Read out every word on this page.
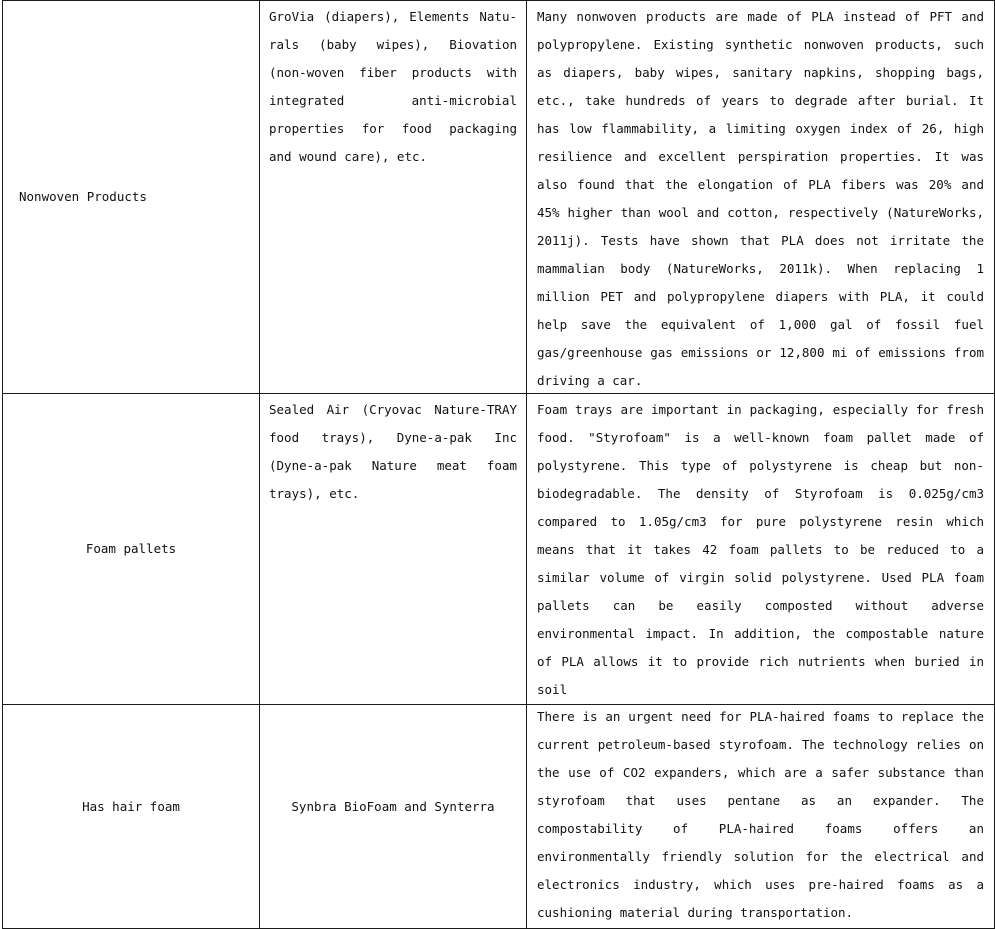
Nonwoven Products
GroVia (diapers), Elements Natu-rals (baby wipes), Biovation (non-woven fiber products with integrated anti-microbial properties for food packaging and wound care), etc.
Many nonwoven products are made of PLA instead of PFT and polypropylene. Existing synthetic nonwoven products, such as diapers, baby wipes, sanitary napkins, shopping bags, etc., take hundreds of years to degrade after burial. It has low flammability, a limiting oxygen index of 26, high resilience and excellent perspiration properties. It was also found that the elongation of PLA fibers was 20% and 45% higher than wool and cotton, respectively (NatureWorks, 2011j). Tests have shown that PLA does not irritate the mammalian body (NatureWorks, 2011k). When replacing 1 million PET and polypropylene diapers with PLA, it could help save the equivalent of 1,000 gal of fossil fuel gas/greenhouse gas emissions or 12,800 mi of emissions from driving a car.
Foam pallets
Sealed Air (Cryovac Nature-TRAY food trays), Dyne-a-pak Inc (Dyne-a-pak Nature meat foam trays), etc.
Foam trays are important in packaging, especially for fresh food. "Styrofoam" is a well-known foam pallet made of polystyrene. This type of polystyrene is cheap but non-biodegradable. The density of Styrofoam is 0.025g/cm3 compared to 1.05g/cm3 for pure polystyrene resin which means that it takes 42 foam pallets to be reduced to a similar volume of virgin solid polystyrene. Used PLA foam pallets can be easily composted without adverse environmental impact. In addition, the compostable nature of PLA allows it to provide rich nutrients when buried in soil
Has hair foam	Synbra BioFoam and Synterra
There is an urgent need for PLA-haired foams to replace the current petroleum-based styrofoam. The technology relies on the use of CO2 expanders, which are a safer substance than styrofoam that uses pentane as an expander. The compostability of PLA-haired foams offers an environmentally friendly solution for the electrical and electronics industry, which uses pre-haired foams as a cushioning material during transportation.
